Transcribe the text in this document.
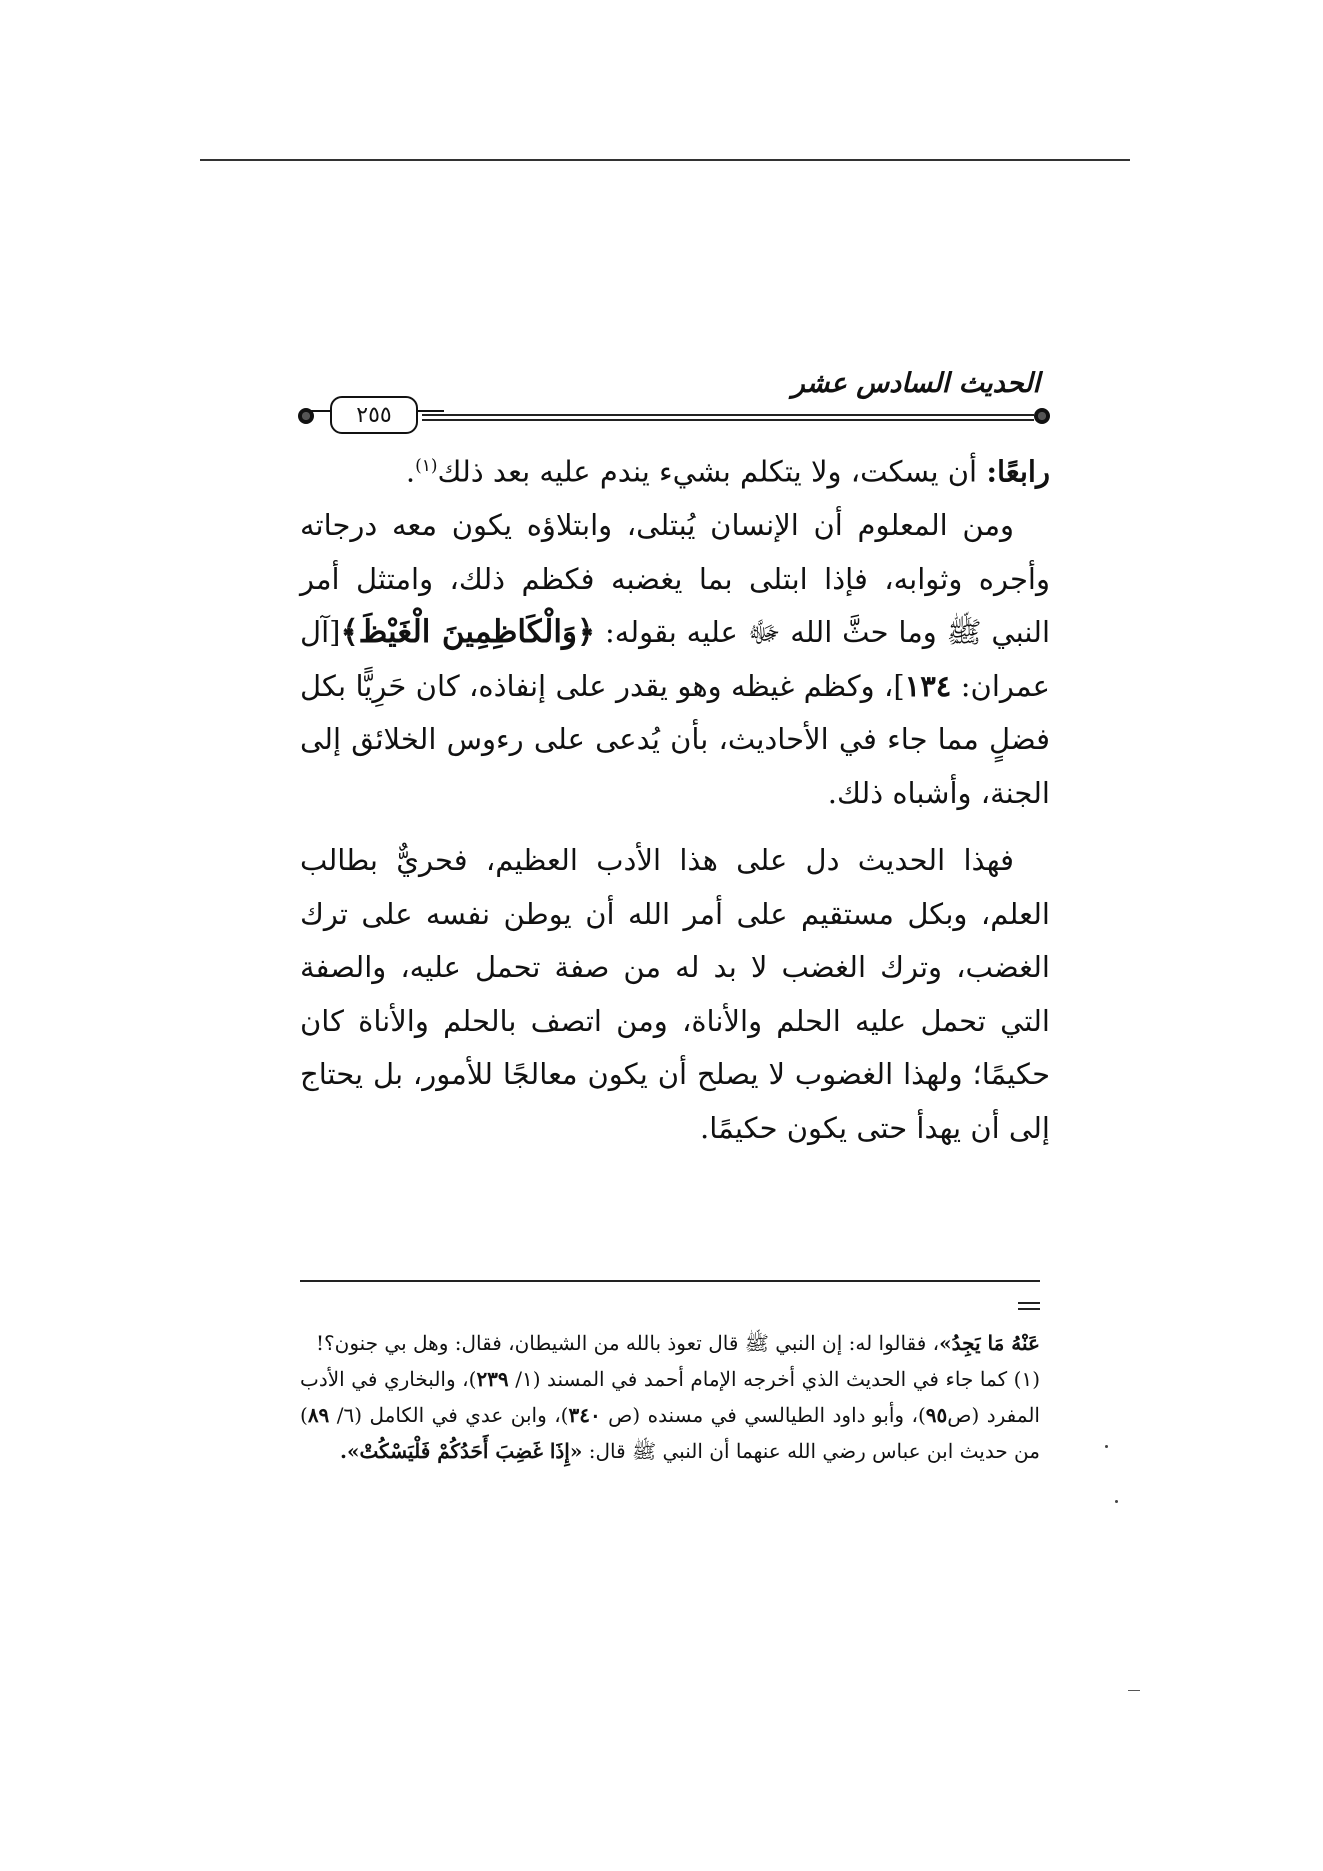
الحديث السادس عشر
٢٥٥

رابعًا: أن يسكت، ولا يتكلم بشيء يندم عليه بعد ذلك$^{(١)}$.

ومن المعلوم أن الإنسان يُبتلى، وابتلاؤه يكون معه درجاته وأجره وثوابه، فإذا ابتلى بما يغضبه فكظم ذلك، وامتثل أمر النبي ﷺ وما حثَّ الله ﷻ عليه بقوله: ﴿وَالْكَاظِمِينَ الْغَيْظَ﴾[آل عمران: ١٣٤]، وكظم غيظه وهو يقدر على إنفاذه، كان حَرِيًّا بكل فضلٍ مما جاء في الأحاديث، بأن يُدعى على رءوس الخلائق إلى الجنة، وأشباه ذلك.

فهذا الحديث دل على هذا الأدب العظيم، فحريٌّ بطالب العلم، وبكل مستقيم على أمر الله أن يوطن نفسه على ترك الغضب، وترك الغضب لا بد له من صفة تحمل عليه، والصفة التي تحمل عليه الحلم والأناة، ومن اتصف بالحلم والأناة كان حكيمًا؛ ولهذا الغضوب لا يصلح أن يكون معالجًا للأمور، بل يحتاج إلى أن يهدأ حتى يكون حكيمًا.

عَنْهُ مَا يَجِدُ»، فقالوا له: إن النبي ﷺ قال تعوذ بالله من الشيطان، فقال: وهل بي جنون؟!

(١) كما جاء في الحديث الذي أخرجه الإمام أحمد في المسند (١/ ٢٣٩)، والبخاري في الأدب المفرد (ص٩٥)، وأبو داود الطيالسي في مسنده (ص ٣٤٠)، وابن عدي في الكامل (٦/ ٨٩) من حديث ابن عباس رضي الله عنهما أن النبي ﷺ قال: «إِذَا غَضِبَ أَحَدُكُمْ فَلْيَسْكُتْ».
